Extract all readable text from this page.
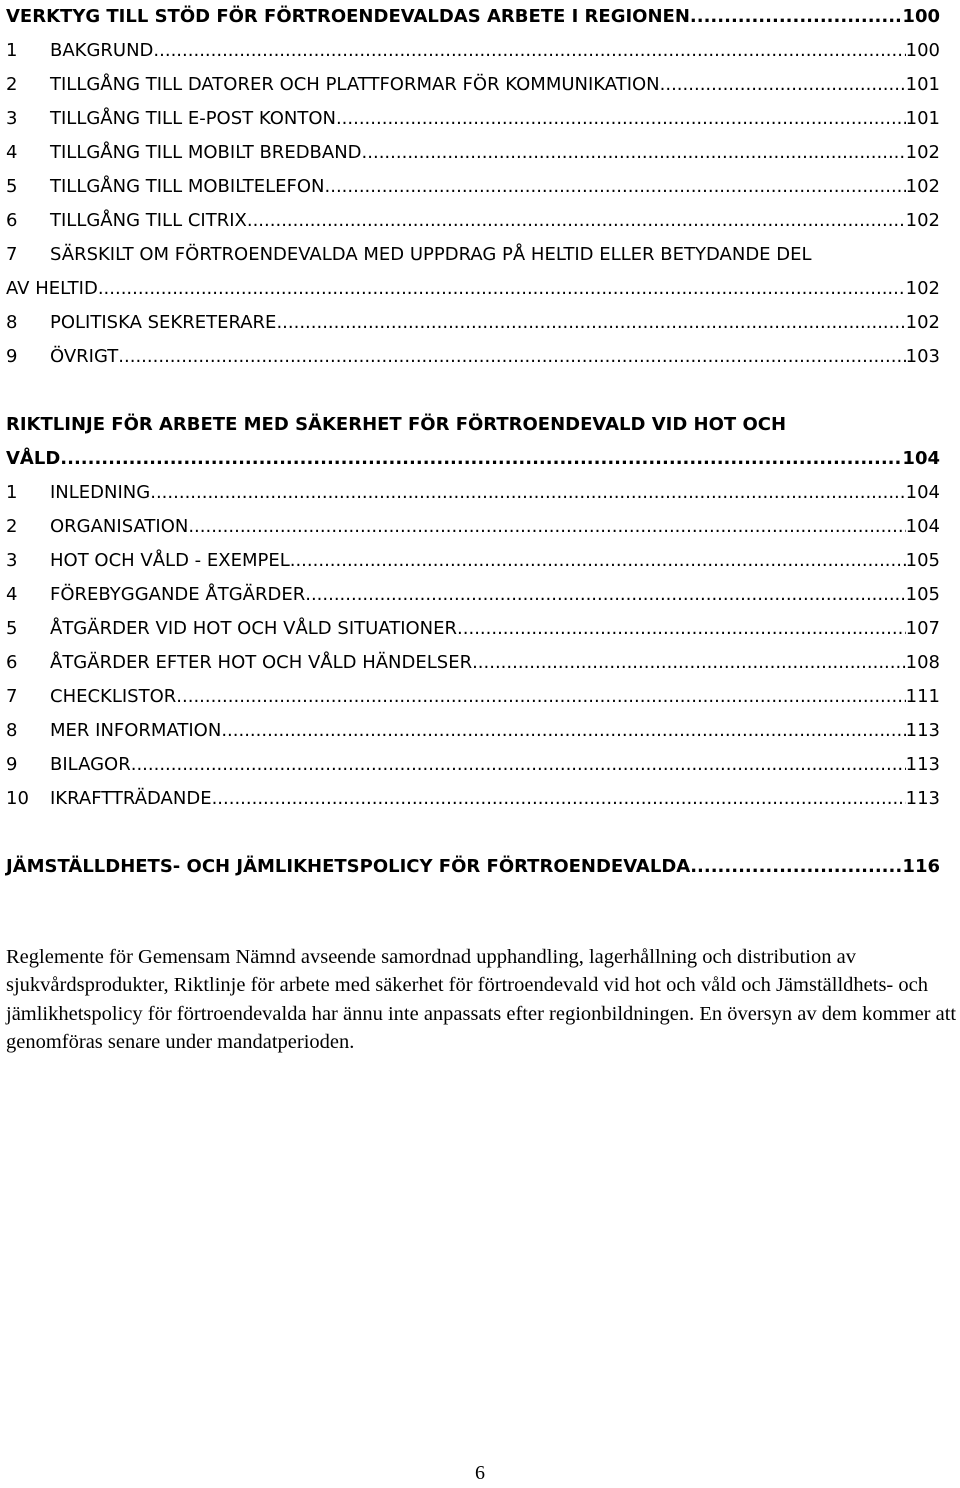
VERKTYG TILL STÖD FÖR FÖRTROENDEVALDAS ARBETE I REGIONEN .....	100
1 BAKGRUND .....	100
2 TILLGÅNG TILL DATORER OCH PLATTFORMAR FÖR KOMMUNIKATION .....	101
3 TILLGÅNG TILL E-POST KONTON .....	101
4 TILLGÅNG TILL MOBILT BREDBAND .....	102
5 TILLGÅNG TILL MOBILTELEFON .....	102
6 TILLGÅNG TILL CITRIX .....	102
7 SÄRSKILT OM FÖRTROENDEVALDA MED UPPDRAG PÅ HELTID ELLER BETYDANDE DEL
AV HELTID .....	102
8 POLITISKA SEKRETERARE .....	102
9 ÖVRIGT .....	103
RIKTLINJE FÖR ARBETE MED SÄKERHET FÖR FÖRTROENDEVALD VID HOT OCH
VÅLD .....	104
1 INLEDNING .....	104
2 ORGANISATION .....	104
3 HOT OCH VÅLD - EXEMPEL .....	105
4 FÖREBYGGANDE ÅTGÄRDER .....	105
5 ÅTGÄRDER VID HOT OCH VÅLD SITUATIONER .....	107
6 ÅTGÄRDER EFTER HOT OCH VÅLD HÄNDELSER .....	108
7 CHECKLISTOR .....	111
8 MER INFORMATION .....	113
9 BILAGOR .....	113
10 IKRAFTTRÄDANDE .....	113
JÄMSTÄLLDHETS- OCH JÄMLIKHETSPOLICY FÖR FÖRTROENDEVALDA .....	116

Reglemente för Gemensam Nämnd avseende samordnad upphandling, lagerhållning och distribution av sjukvårdsprodukter, Riktlinje för arbete med säkerhet för förtroendevald vid hot och våld och Jämställdhets- och jämlikhetspolicy för förtroendevalda har ännu inte anpassats efter regionbildningen. En översyn av dem kommer att genomföras senare under mandatperioden.

6
